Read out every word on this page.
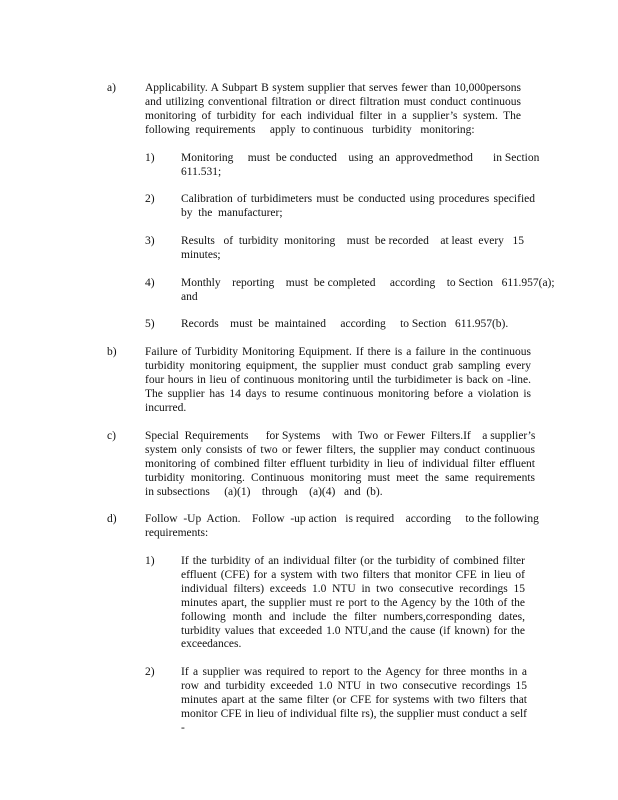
a)	Applicability. A Subpart B system supplier that serves fewer than 10,000persons
and utilizing conventional filtration or direct filtration must conduct continuous
monitoring of turbidity for each individual filter in a supplier’s system. The
following  requirements     apply  to continuous   turbidity   monitoring:
1) Monitoring     must  be conducted    using  an  approvedmethod       in Section
611.531;
2) Calibration of turbidimeters must be conducted using procedures specified
by  the  manufacturer;
3) Results   of  turbidity  monitoring    must  be recorded    at least  every   15
minutes;
4) Monthly    reporting    must  be completed     according    to Section   611.957(a);
and
5) Records    must  be  maintained     according     to Section   611.957(b).
b) Failure of Turbidity Monitoring Equipment. If there is a failure in the continuous
turbidity monitoring equipment, the supplier must conduct grab sampling every
four hours in lieu of continuous monitoring until the turbidimeter is back on -line.
The supplier has 14 days to resume continuous monitoring before a violation is
incurred.
c)	Special  Requirements      for Systems    with  Two  or Fewer  Filters.If    a supplier’s
system only consists of two or fewer filters, the supplier may conduct continuous
monitoring of combined filter effluent turbidity in lieu of individual filter effluent
turbidity monitoring. Continuous monitoring must meet the same requirements
in subsections     (a)(1)    through    (a)(4)   and  (b).
d) Follow  -Up  Action.    Follow  -up action   is required    according     to the following
requirements:
1) If the turbidity of an individual filter (or the turbidity of combined filter
effluent (CFE) for a system with two filters that monitor CFE in lieu of
individual filters) exceeds 1.0 NTU in two consecutive recordings 15
minutes apart, the supplier must re port to the Agency by the 10th of the
following month and include the filter numbers,corresponding dates,
turbidity values that exceeded 1.0 NTU,and the cause (if known) for the
exceedances.
2) If a supplier was required to report to the Agency for three months in a
row and turbidity exceeded 1.0 NTU in two consecutive recordings 15
minutes apart at the same filter (or CFE for systems with two filters that
monitor CFE in lieu of individual filte rs), the supplier must conduct a self -
